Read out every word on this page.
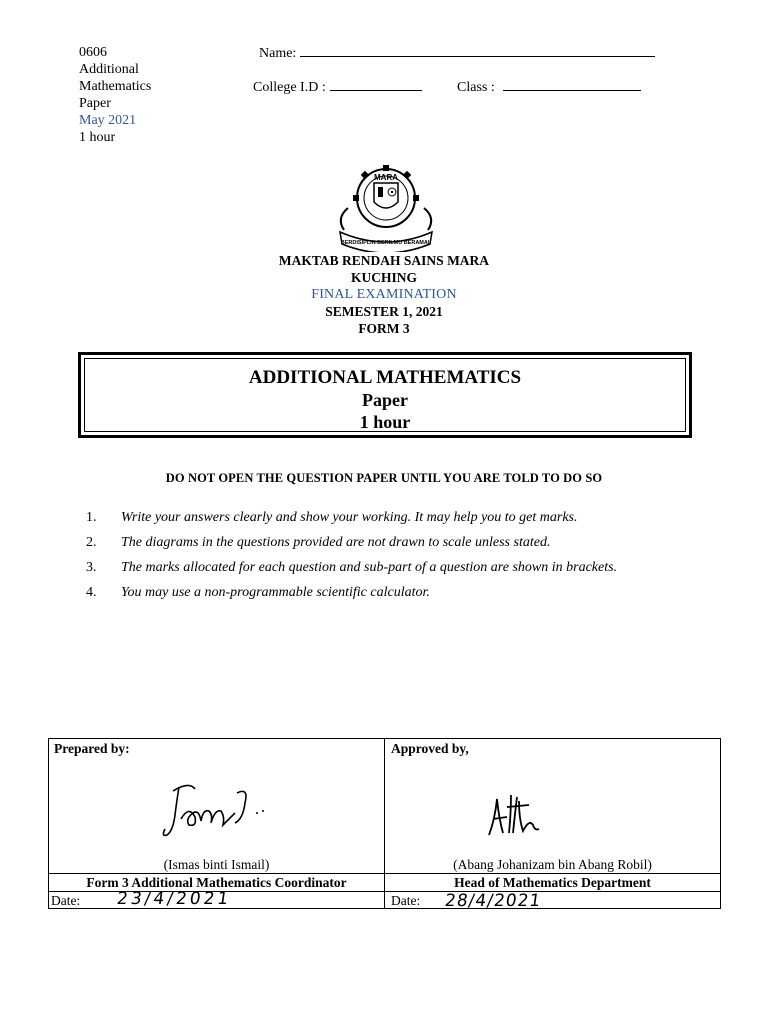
0606
Additional
Mathematics
Paper
May 2021
1 hour
Name:
College I.D :	Class :
MARA
BERDISIPLIN BERILMU BERAMAL
MAKTAB RENDAH SAINS MARA
KUCHING
FINAL EXAMINATION
SEMESTER 1, 2021
FORM 3
ADDITIONAL MATHEMATICS
Paper
1 hour
DO NOT OPEN THE QUESTION PAPER UNTIL YOU ARE TOLD TO DO SO
1. Write your answers clearly and show your working. It may help you to get marks.
2. The diagrams in the questions provided are not drawn to scale unless stated.
3. The marks allocated for each question and sub-part of a question are shown in brackets.
4. You may use a non-programmable scientific calculator.
Prepared by:	Approved by,
(Ismas binti Ismail)	(Abang Johanizam bin Abang Robil)
Form 3 Additional Mathematics Coordinator	Head of Mathematics Department
Date: 23/4/2021	Date: 28/4/2021
